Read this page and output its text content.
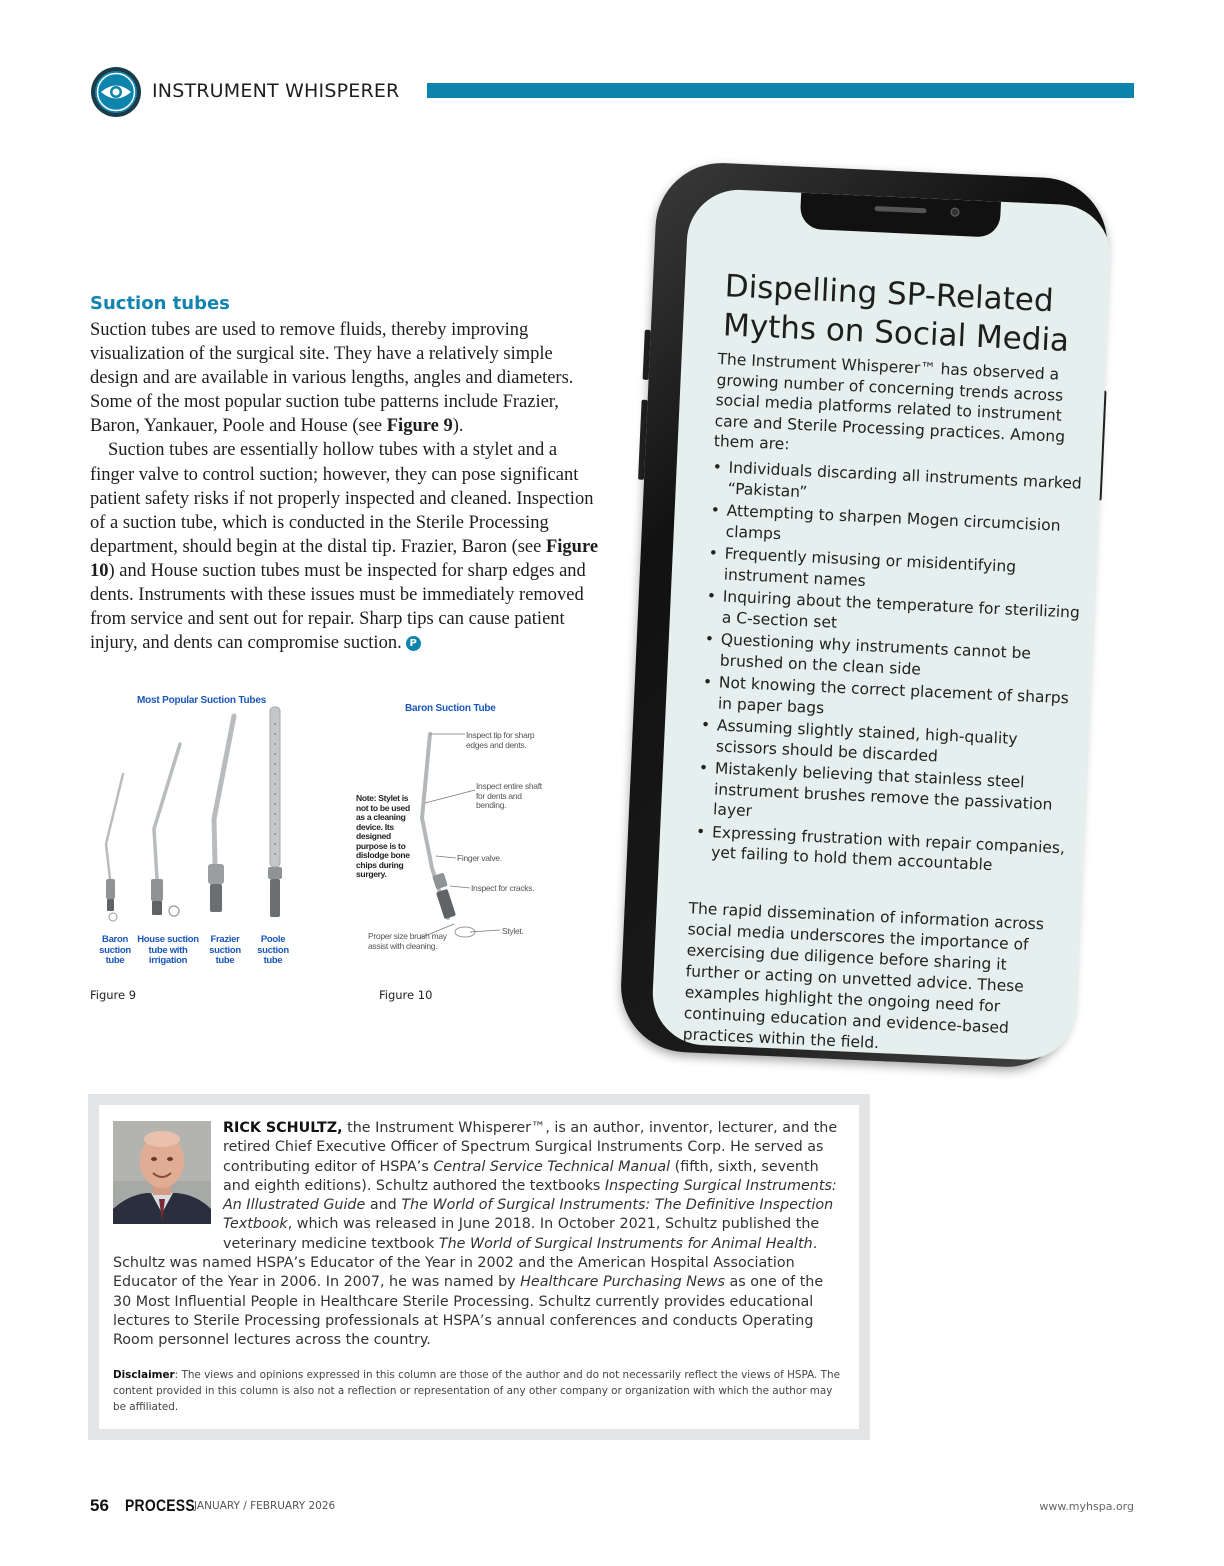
INSTRUMENT WHISPERER
Suction tubes

Suction tubes are used to remove fluids, thereby improving visualization of the surgical site. They have a relatively simple design and are available in various lengths, angles and diameters. Some of the most popular suction tube patterns include Frazier, Baron, Yankauer, Poole and House (see Figure 9).

Suction tubes are essentially hollow tubes with a stylet and a finger valve to control suction; however, they can pose significant patient safety risks if not properly inspected and cleaned. Inspection of a suction tube, which is conducted in the Sterile Processing department, should begin at the distal tip. Frazier, Baron (see Figure 10) and House suction tubes must be inspected for sharp edges and dents. Instruments with these issues must be immediately removed from service and sent out for repair. Sharp tips can cause patient injury, and dents can compromise suction. P

Most Popular Suction Tubes
Baron suction tube
House suction tube with irrigation
Frazier suction tube
Poole suction tube
Figure 9
Baron Suction Tube
Inspect tip for sharp edges and dents.
Inspect entire shaft for dents and bending.
Finger valve.
Inspect for cracks.
Stylet.
Proper size brush may assist with cleaning.
Note: Stylet is not to be used as a cleaning device. Its designed purpose is to dislodge bone chips during surgery.
Figure 10
Dispelling SP-Related Myths on Social Media
The Instrument Whisperer™ has observed a growing number of concerning trends across social media platforms related to instrument care and Sterile Processing practices. Among them are:
• Individuals discarding all instruments marked “Pakistan”
• Attempting to sharpen Mogen circumcision clamps
• Frequently misusing or misidentifying instrument names
• Inquiring about the temperature for sterilizing a C-section set
• Questioning why instruments cannot be brushed on the clean side
• Not knowing the correct placement of sharps in paper bags
• Assuming slightly stained, high-quality scissors should be discarded
• Mistakenly believing that stainless steel instrument brushes remove the passivation layer
• Expressing frustration with repair companies, yet failing to hold them accountable
The rapid dissemination of information across social media underscores the importance of exercising due diligence before sharing it further or acting on unvetted advice. These examples highlight the ongoing need for continuing education and evidence-based practices within the field.
RICK SCHULTZ, the Instrument Whisperer™, is an author, inventor, lecturer, and the retired Chief Executive Officer of Spectrum Surgical Instruments Corp. He served as contributing editor of HSPA’s Central Service Technical Manual (fifth, sixth, seventh and eighth editions). Schultz authored the textbooks Inspecting Surgical Instruments: An Illustrated Guide and The World of Surgical Instruments: The Definitive Inspection Textbook, which was released in June 2018. In October 2021, Schultz published the veterinary medicine textbook The World of Surgical Instruments for Animal Health. Schultz was named HSPA’s Educator of the Year in 2002 and the American Hospital Association Educator of the Year in 2006. In 2007, he was named by Healthcare Purchasing News as one of the 30 Most Influential People in Healthcare Sterile Processing. Schultz currently provides educational lectures to Sterile Processing professionals at HSPA’s annual conferences and conducts Operating Room personnel lectures across the country.
Disclaimer: The views and opinions expressed in this column are those of the author and do not necessarily reflect the views of HSPA. The content provided in this column is also not a reflection or representation of any other company or organization with which the author may be affiliated.
56 PROCESS JANUARY / FEBRUARY 2026	www.myhspa.org
